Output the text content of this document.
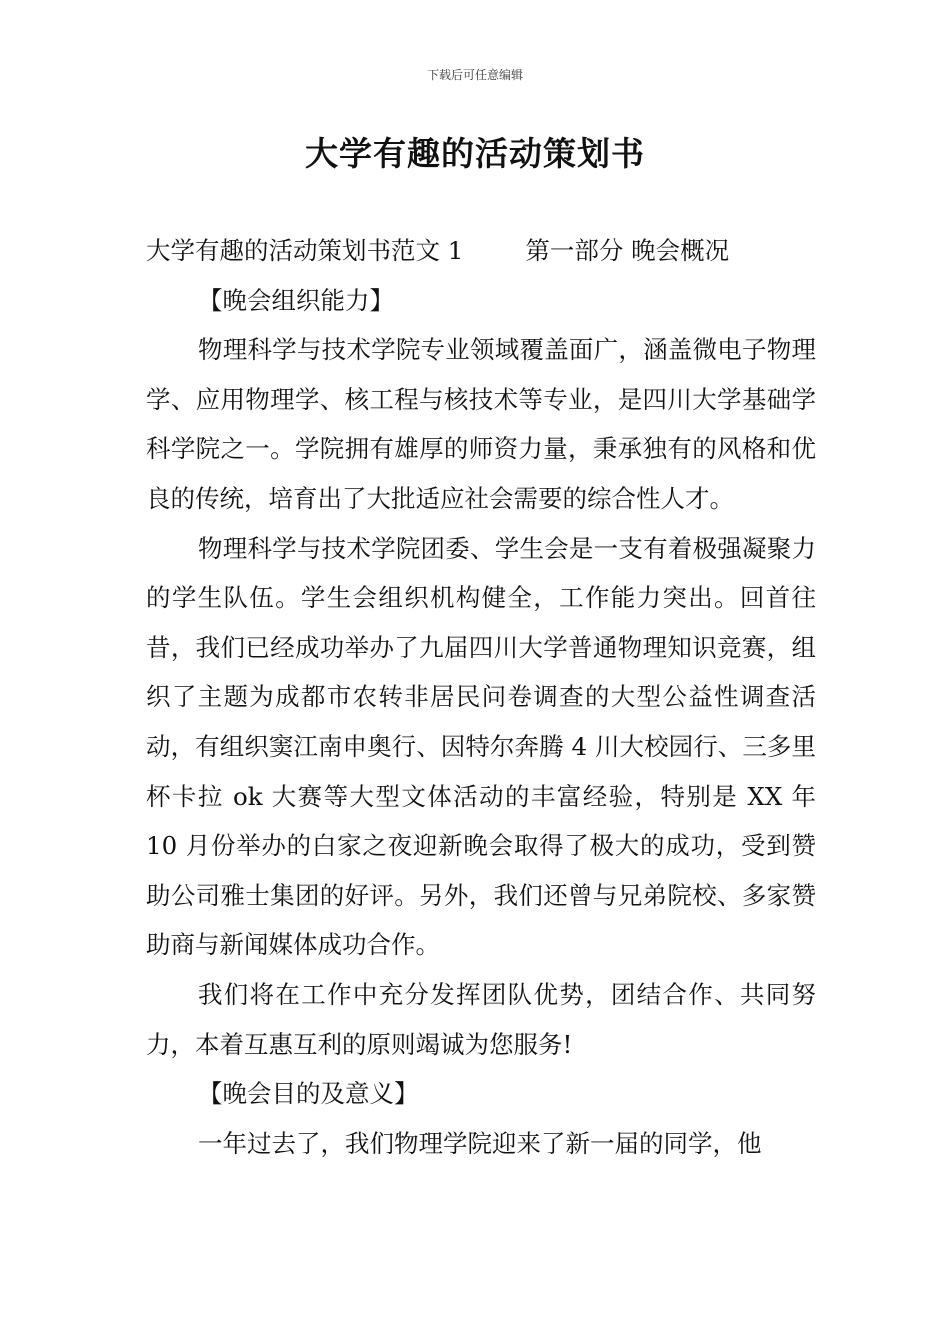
下载后可任意编辑
大学有趣的活动策划书

大学有趣的活动策划书范文 1	第一部分 晚会概况

【晚会组织能力】

物理科学与技术学院专业领域覆盖面广，涵盖微电子物理学、应用物理学、核工程与核技术等专业，是四川大学基础学科学院之一。学院拥有雄厚的师资力量，秉承独有的风格和优良的传统，培育出了大批适应社会需要的综合性人才。

物理科学与技术学院团委、学生会是一支有着极强凝聚力的学生队伍。学生会组织机构健全，工作能力突出。回首往昔，我们已经成功举办了九届四川大学普通物理知识竞赛，组织了主题为成都市农转非居民问卷调查的大型公益性调查活动，有组织窦江南申奥行、因特尔奔腾 4 川大校园行、三多里杯卡拉 ok 大赛等大型文体活动的丰富经验，特别是 XX 年 10 月份举办的白家之夜迎新晚会取得了极大的成功，受到赞助公司雅士集团的好评。另外，我们还曾与兄弟院校、多家赞助商与新闻媒体成功合作。

我们将在工作中充分发挥团队优势，团结合作、共同努力，本着互惠互利的原则竭诚为您服务!

【晚会目的及意义】

一年过去了，我们物理学院迎来了新一届的同学，他
